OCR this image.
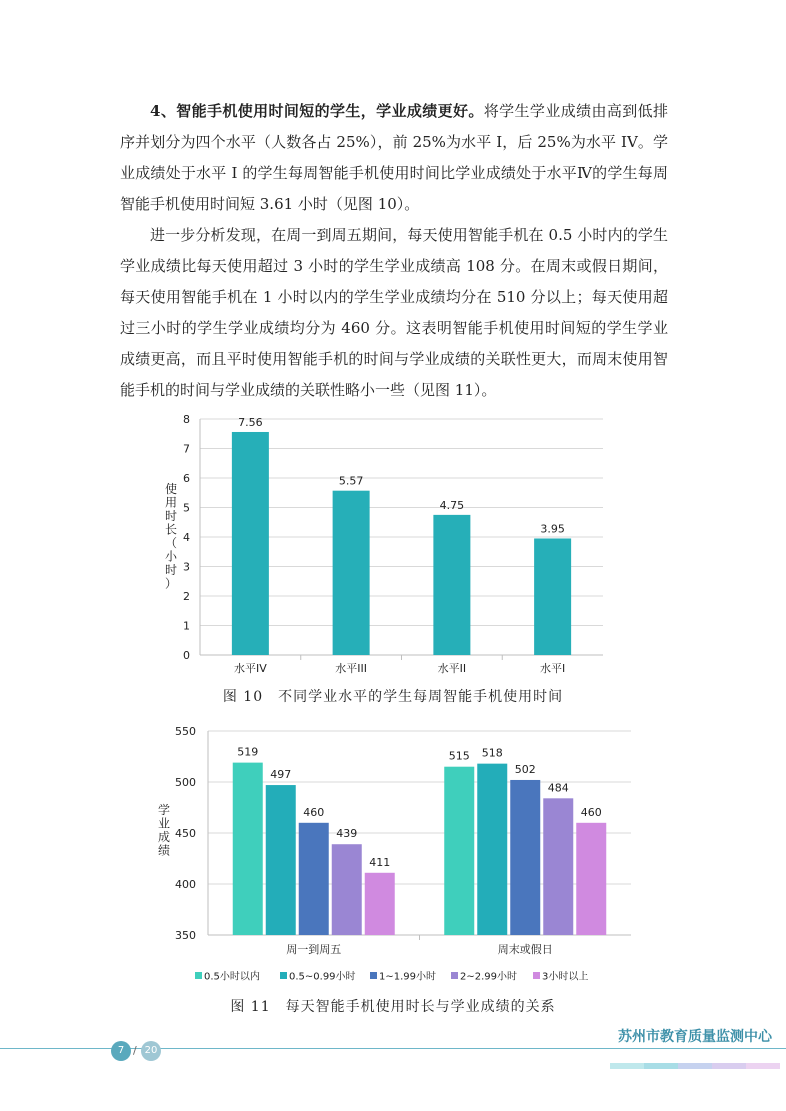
4、智能手机使用时间短的学生，学业成绩更好。将学生学业成绩由高到低排序并划分为四个水平（人数各占 25%），前 25%为水平 I，后 25%为水平 IV。学业成绩处于水平 I 的学生每周智能手机使用时间比学业成绩处于水平Ⅳ的学生每周智能手机使用时间短 3.61 小时（见图 10）。

进一步分析发现，在周一到周五期间，每天使用智能手机在 0.5 小时内的学生学业成绩比每天使用超过 3 小时的学生学业成绩高 108 分。在周末或假日期间，每天使用智能手机在 1 小时以内的学生学业成绩均分在 510 分以上；每天使用超过三小时的学生学业成绩均分为 460 分。这表明智能手机使用时间短的学生学业成绩更高，而且平时使用智能手机的时间与学业成绩的关联性更大，而周末使用智能手机的时间与学业成绩的关联性略小一些（见图 11）。

0
1
2
3
4
5
6
7
8	7.56
5.57
4.75
3.95
水平IV	水平III	水平II	水平I
使用时长（小时）
图 10　不同学业水平的学生每周智能手机使用时间
350
400
450
500
550
519
497
460
439
411
515 518
502
484
460
周一到周五	周末或假日
0.5小时以内	0.5~0.99小时 1~1.99小时 2~2.99小时 3小时以上
学业成绩
图 11　每天智能手机使用时长与学业成绩的关系
7 / 20
苏州市教育质量监测中心
